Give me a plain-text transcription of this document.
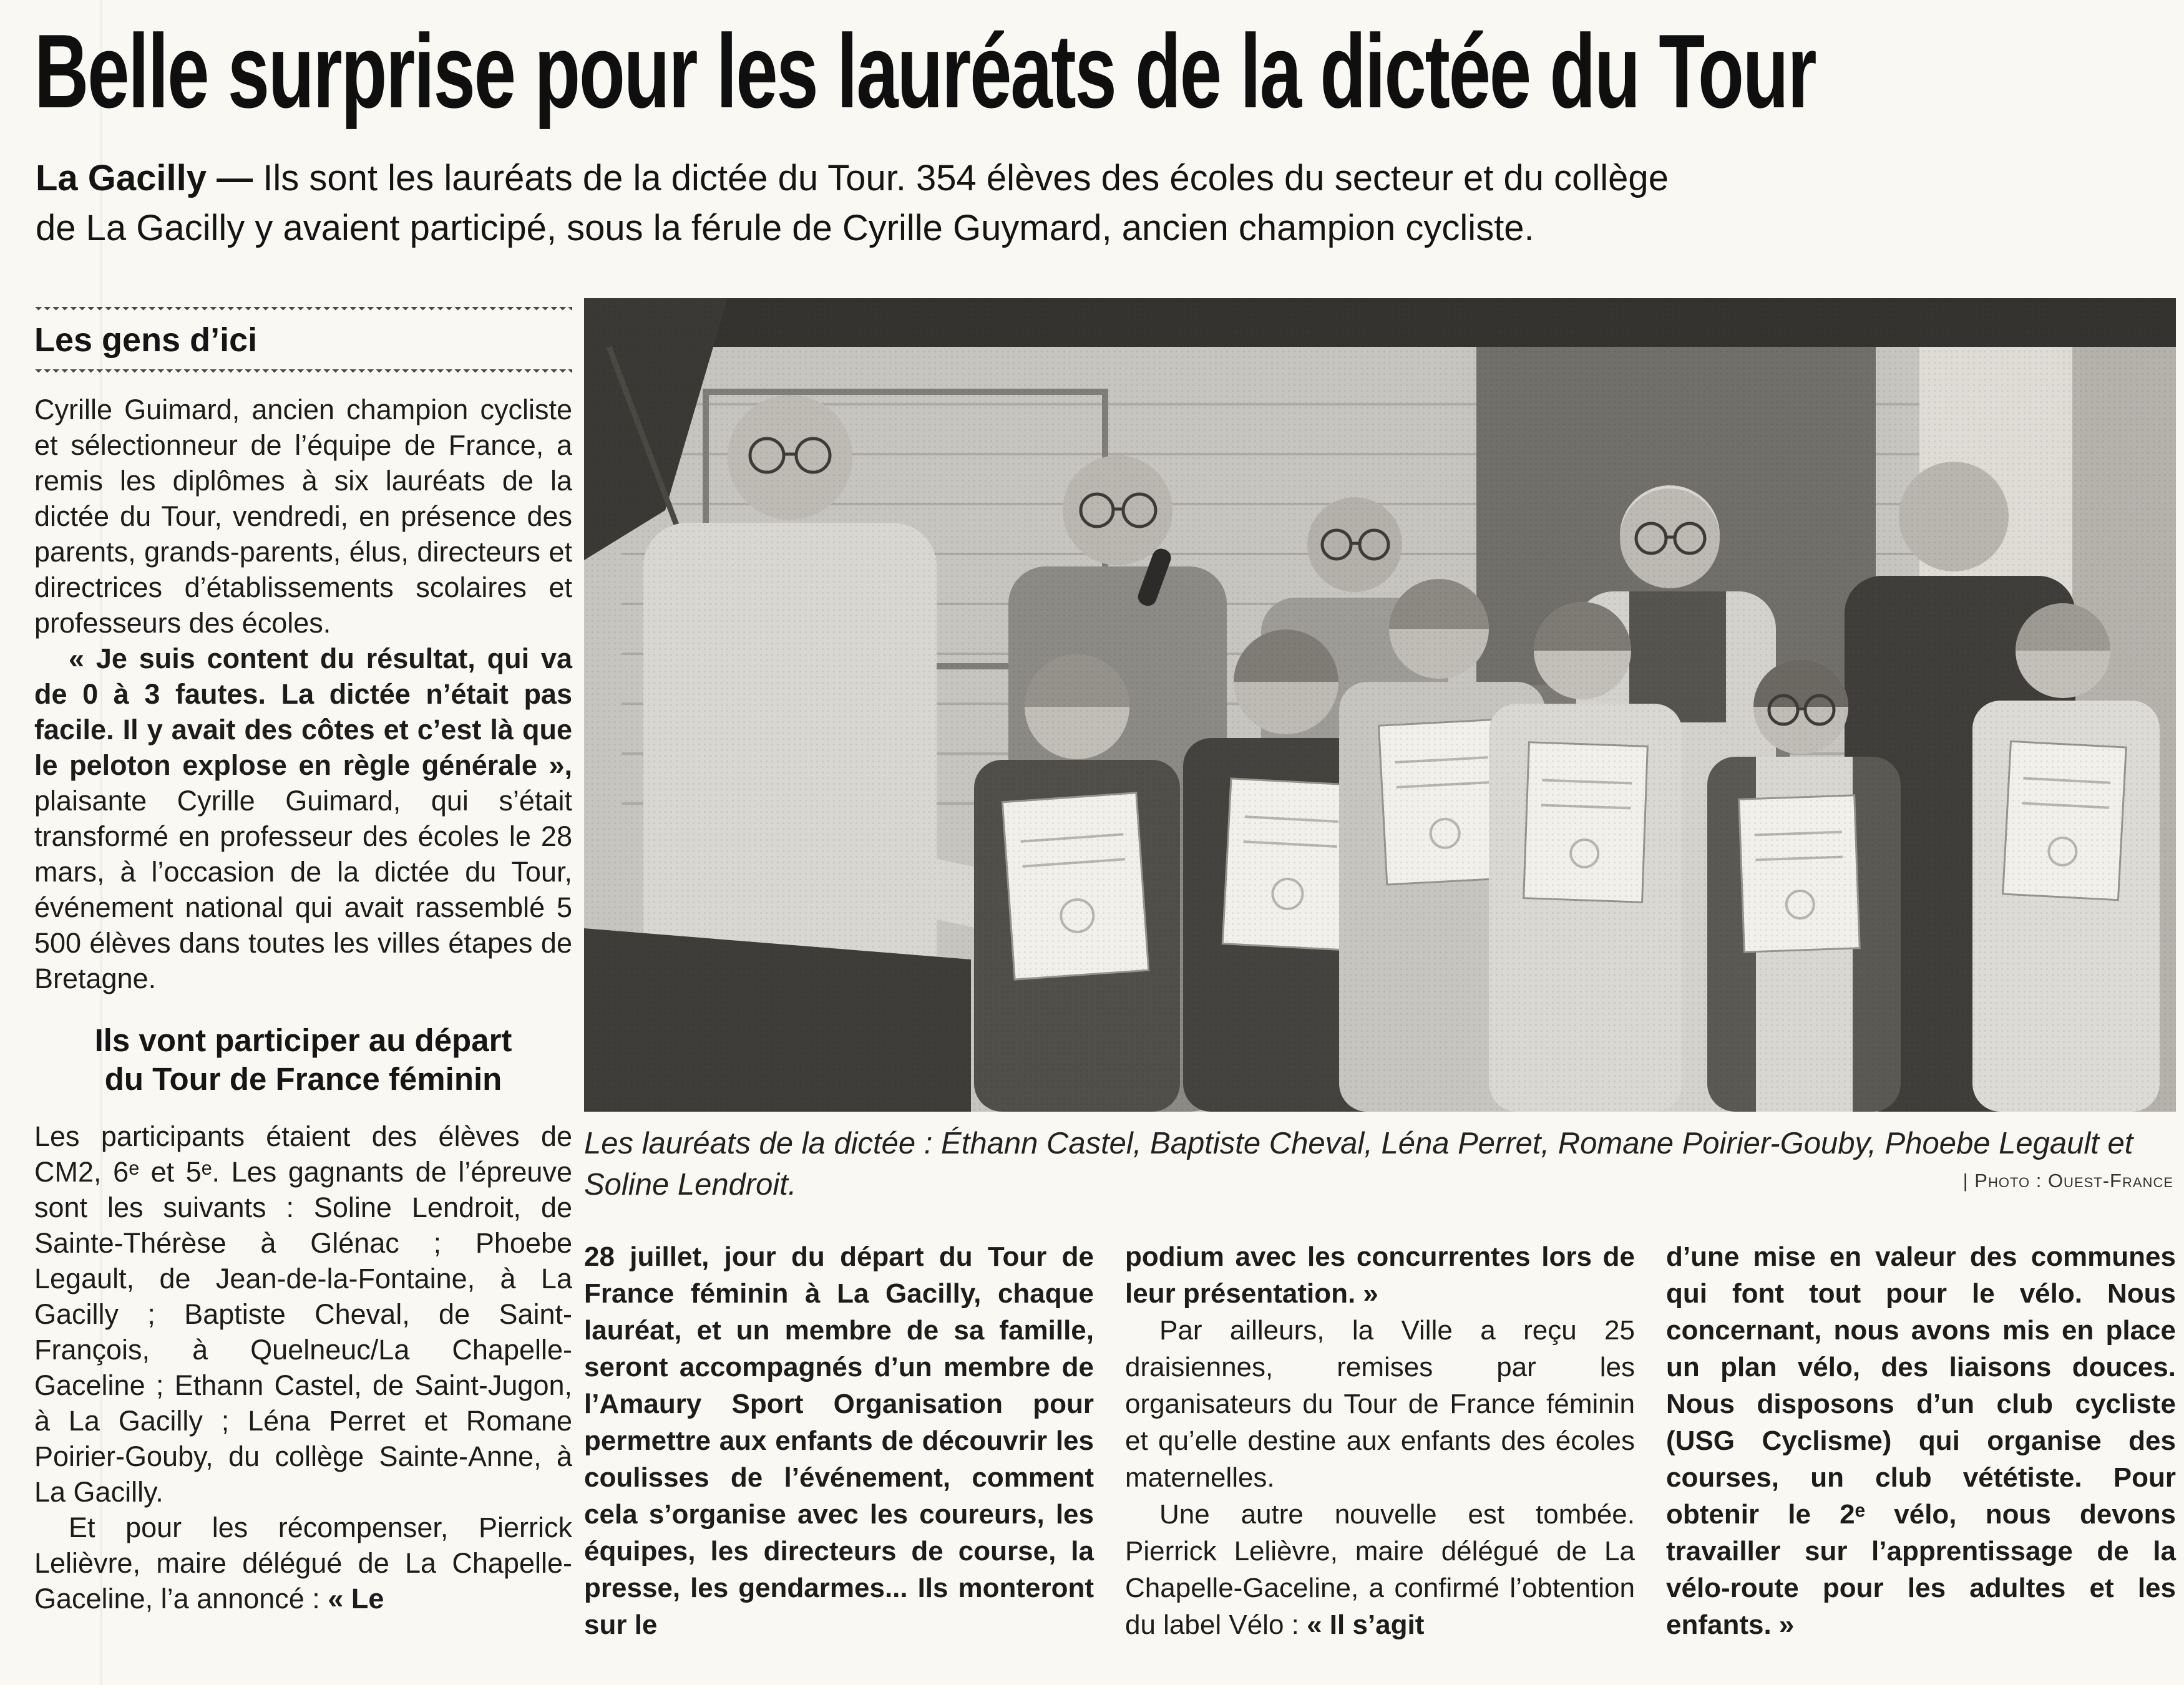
Belle surprise pour les lauréats de la dictée du Tour

La Gacilly — Ils sont les lauréats de la dictée du Tour. 354 élèves des écoles du secteur et du collège
de La Gacilly y avaient participé, sous la férule de Cyrille Guymard, ancien champion cycliste.

Les gens d’ici

Cyrille Guimard, ancien champion cycliste et sélectionneur de l’équipe de France, a remis les diplômes à six lauréats de la dictée du Tour, vendredi, en présence des parents, grands-parents, élus, directeurs et directrices d’établissements scolaires et professeurs des écoles.

« Je suis content du résultat, qui va de 0 à 3 fautes. La dictée n’était pas facile. Il y avait des côtes et c’est là que le peloton explose en règle générale », plaisante Cyrille Guimard, qui s’était transformé en professeur des écoles le 28 mars, à l’occasion de la dictée du Tour, événement national qui avait rassemblé 5 500 élèves dans toutes les villes étapes de Bretagne.

Ils vont participer au départ
du Tour de France féminin

Les participants étaient des élèves de CM2, 6ᵉ et 5ᵉ. Les gagnants de l’épreuve sont les suivants : Soline Lendroit, de Sainte-Thérèse à Glénac ; Phoebe Legault, de Jean-de-la-Fontaine, à La Gacilly ; Baptiste Cheval, de Saint-François, à Quelneuc/La Chapelle-Gaceline ; Ethann Castel, de Saint-Jugon, à La Gacilly ; Léna Perret et Romane Poirier-Gouby, du collège Sainte-Anne, à La Gacilly.

Et pour les récompenser, Pierrick Lelièvre, maire délégué de La Chapelle-Gaceline, l’a annoncé : « Le

Les lauréats de la dictée : Éthann Castel, Baptiste Cheval, Léna Perret, Romane Poirier-Gouby, Phoebe Legault et Soline Lendroit.	| Photo : Ouest-France

28 juillet, jour du départ du Tour de France féminin à La Gacilly, chaque lauréat, et un membre de sa famille, seront accompagnés d’un membre de l’Amaury Sport Organisation pour permettre aux enfants de découvrir les coulisses de l’événement, comment cela s’organise avec les coureurs, les équipes, les directeurs de course, la presse, les gendarmes... Ils monteront sur le

podium avec les concurrentes lors de leur présentation. »

Par ailleurs, la Ville a reçu 25 draisiennes, remises par les organisateurs du Tour de France féminin et qu’elle destine aux enfants des écoles maternelles.

Une autre nouvelle est tombée. Pierrick Lelièvre, maire délégué de La Chapelle-Gaceline, a confirmé l’obtention du label Vélo : « Il s’agit

d’une mise en valeur des communes qui font tout pour le vélo. Nous concernant, nous avons mis en place un plan vélo, des liaisons douces. Nous disposons d’un club cycliste (USG Cyclisme) qui organise des courses, un club vététiste. Pour obtenir le 2ᵉ vélo, nous devons travailler sur l’apprentissage de la vélo-route pour les adultes et les enfants. »
